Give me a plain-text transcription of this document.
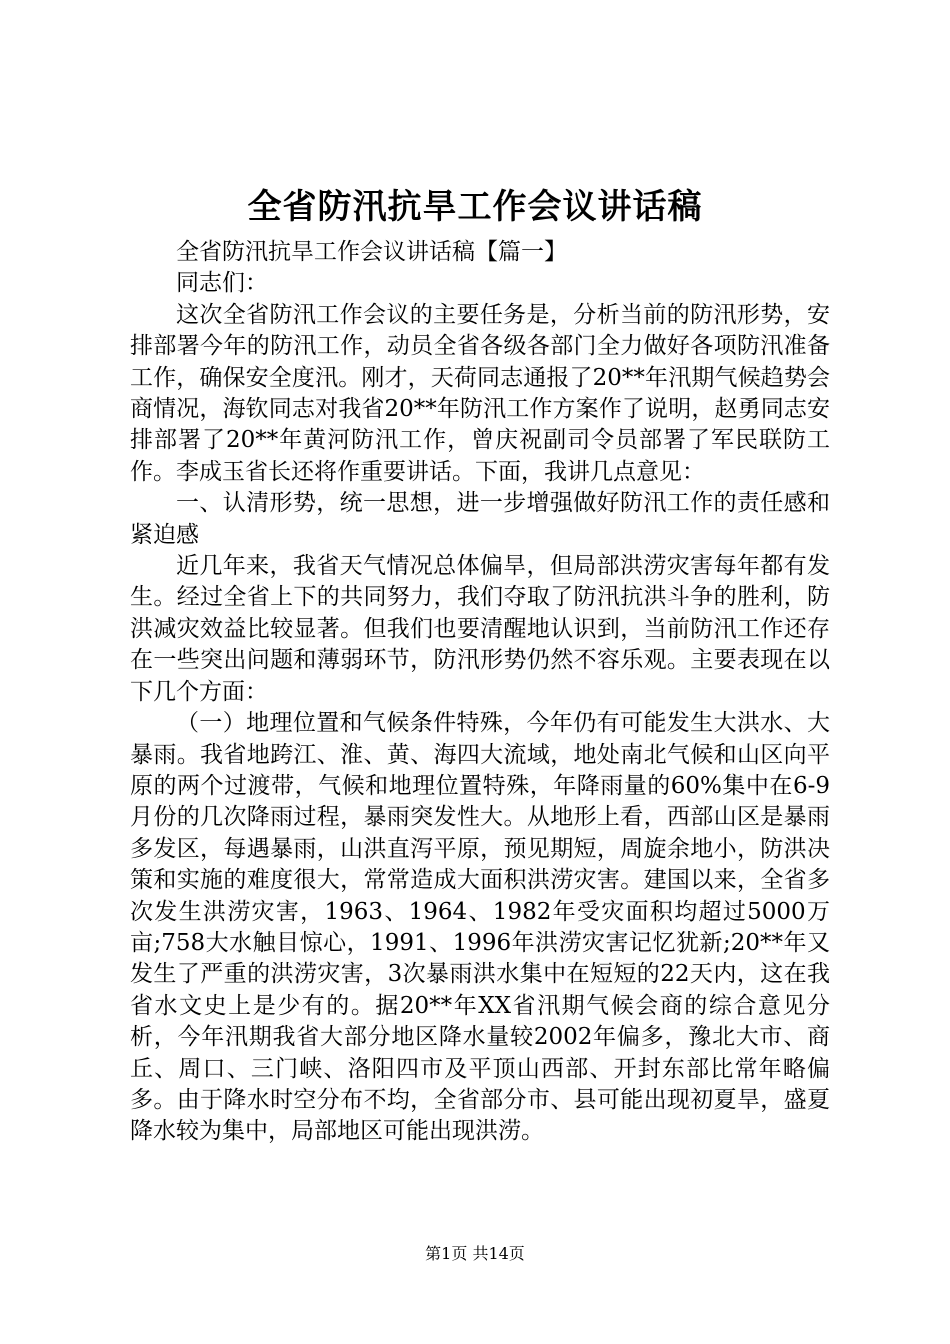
全省防汛抗旱工作会议讲话稿

全省防汛抗旱工作会议讲话稿【篇一】

同志们：

这次全省防汛工作会议的主要任务是，分析当前的防汛形势，安排部署今年的防汛工作，动员全省各级各部门全力做好各项防汛准备工作，确保安全度汛。刚才，天荷同志通报了20**年汛期气候趋势会商情况，海钦同志对我省20**年防汛工作方案作了说明，赵勇同志安排部署了20**年黄河防汛工作，曾庆祝副司令员部署了军民联防工作。李成玉省长还将作重要讲话。下面，我讲几点意见：

一、认清形势，统一思想，进一步增强做好防汛工作的责任感和紧迫感

近几年来，我省天气情况总体偏旱，但局部洪涝灾害每年都有发生。经过全省上下的共同努力，我们夺取了防汛抗洪斗争的胜利，防洪减灾效益比较显著。但我们也要清醒地认识到，当前防汛工作还存在一些突出问题和薄弱环节，防汛形势仍然不容乐观。主要表现在以下几个方面：

（一）地理位置和气候条件特殊，今年仍有可能发生大洪水、大暴雨。我省地跨江、淮、黄、海四大流域，地处南北气候和山区向平原的两个过渡带，气候和地理位置特殊，年降雨量的60%集中在6-9月份的几次降雨过程，暴雨突发性大。从地形上看，西部山区是暴雨多发区，每遇暴雨，山洪直泻平原，预见期短，周旋余地小，防洪决策和实施的难度很大，常常造成大面积洪涝灾害。建国以来，全省多次发生洪涝灾害，1963、1964、1982年受灾面积均超过5000万亩;758大水触目惊心，1991、1996年洪涝灾害记忆犹新;20**年又发生了严重的洪涝灾害，3次暴雨洪水集中在短短的22天内，这在我省水文史上是少有的。据20**年XX省汛期气候会商的综合意见分析，今年汛期我省大部分地区降水量较2002年偏多，豫北大市、商丘、周口、三门峡、洛阳四市及平顶山西部、开封东部比常年略偏多。由于降水时空分布不均，全省部分市、县可能出现初夏旱，盛夏降水较为集中，局部地区可能出现洪涝。

第1页 共14页
